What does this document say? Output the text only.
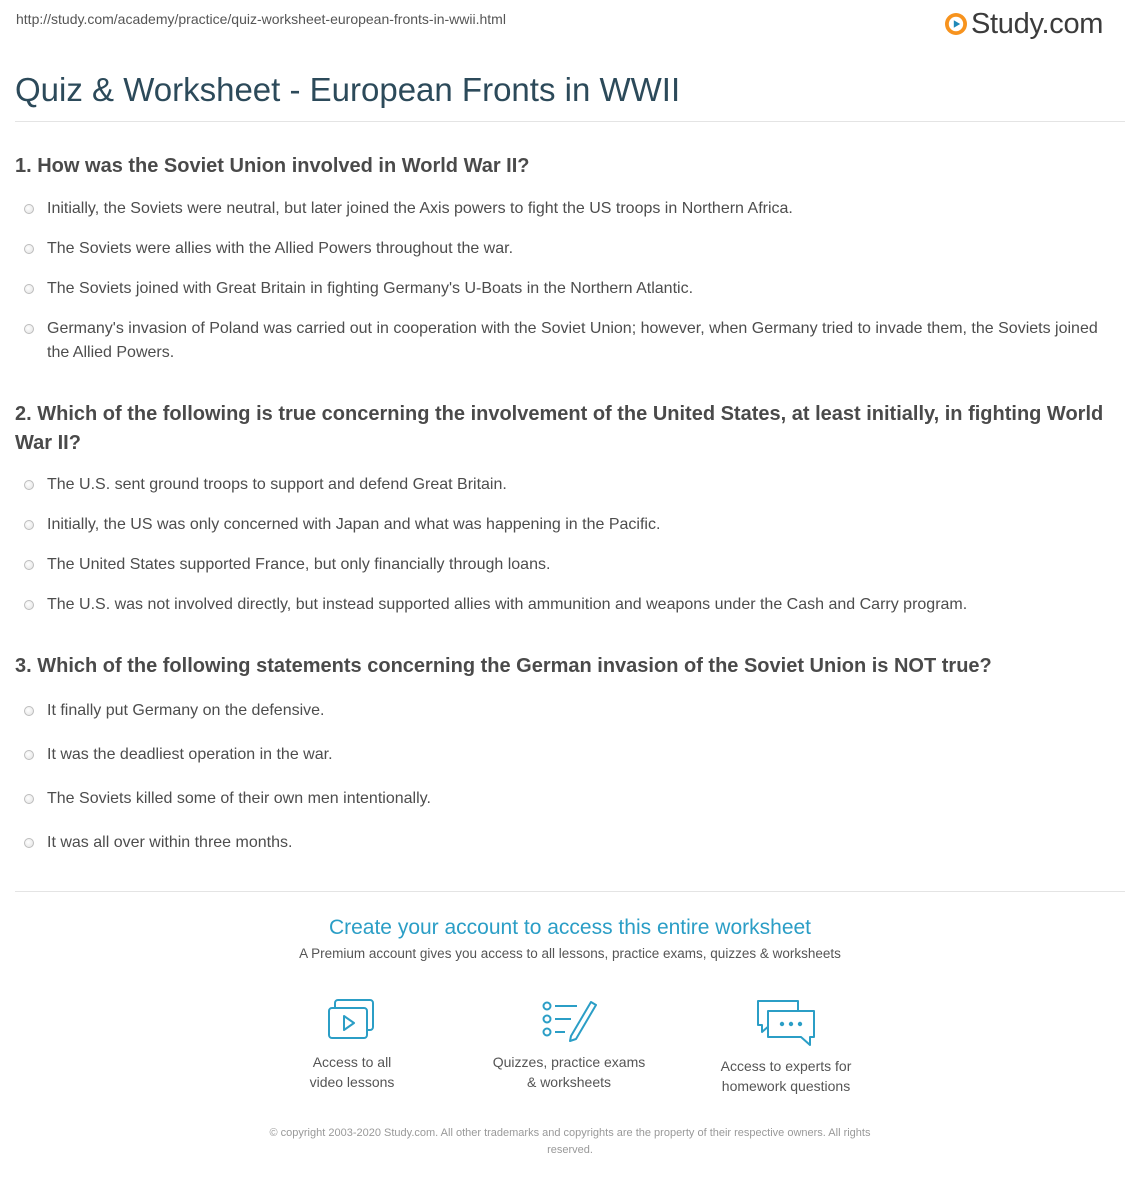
http://study.com/academy/practice/quiz-worksheet-european-fronts-in-wwii.html	Study.com
Quiz & Worksheet - European Fronts in WWII
1. How was the Soviet Union involved in World War II?
Initially, the Soviets were neutral, but later joined the Axis powers to fight the US troops in Northern Africa.
The Soviets were allies with the Allied Powers throughout the war.
The Soviets joined with Great Britain in fighting Germany's U-Boats in the Northern Atlantic.
Germany's invasion of Poland was carried out in cooperation with the Soviet Union; however, when Germany tried to invade them, the Soviets joined the Allied Powers.
2. Which of the following is true concerning the involvement of the United States, at least initially, in fighting World War II?
The U.S. sent ground troops to support and defend Great Britain.
Initially, the US was only concerned with Japan and what was happening in the Pacific.
The United States supported France, but only financially through loans.
The U.S. was not involved directly, but instead supported allies with ammunition and weapons under the Cash and Carry program.
3. Which of the following statements concerning the German invasion of the Soviet Union is NOT true?
It finally put Germany on the defensive.
It was the deadliest operation in the war.
The Soviets killed some of their own men intentionally.
It was all over within three months.
Create your account to access this entire worksheet
A Premium account gives you access to all lessons, practice exams, quizzes & worksheets
Access to all
video lessons
Quizzes, practice exams
& worksheets
Access to experts for
homework questions
© copyright 2003-2020 Study.com. All other trademarks and copyrights are the property of their respective owners. All rights
reserved.
